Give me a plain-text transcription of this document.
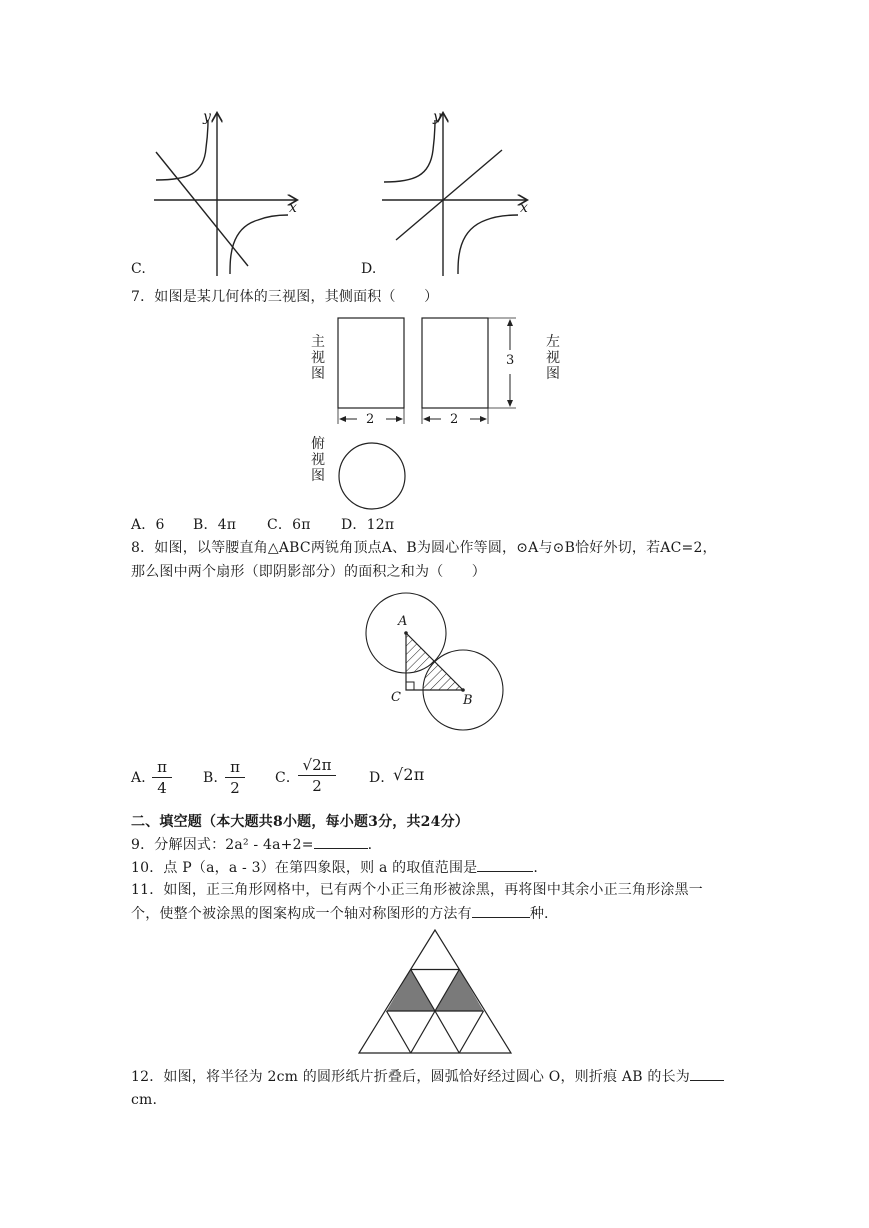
x
y
C.
x
y
D.
7．如图是某几何体的三视图，其侧面积（　　）
主
视
图
左
视
图
俯
视
图
2	2
3
A．6 B．4π C．6π D．12π
8．如图，以等腰直角△ABC两锐角顶点A、B为圆心作等圆，⊙A与⊙B恰好外切，若AC=2，
那么图中两个扇形（即阴影部分）的面积之和为（　　）
A
B
C
A．
π
4
B．
π
2
C．
√2π
2	D．
√2π
二、填空题（本大题共8小题，每小题3分，共24分）
9．分解因式：2a² - 4a+2=	.
10．点 P（a，a - 3）在第四象限，则 a 的取值范围是	.
11．如图，正三角形网格中，已有两个小正三角形被涂黑，再将图中其余小正三角形涂黑一
个，使整个被涂黑的图案构成一个轴对称图形的方法有	种.
12．如图，将半径为 2cm 的圆形纸片折叠后，圆弧恰好经过圆心 O，则折痕 AB 的长为
cm.
